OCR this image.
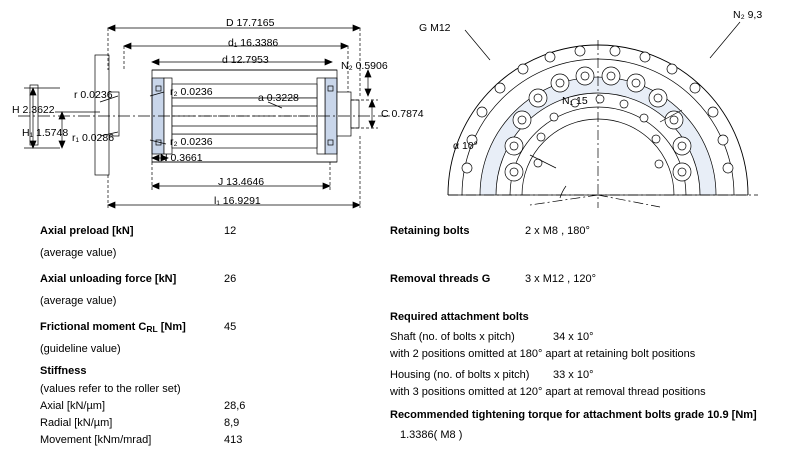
D 17.7165
d₁ 16.3386
d 12.7953	N₂ 0.5906
H 2.3622
H₁ 1.5748
r 0.0236
r₁ 0.0286
r₂ 0.0236
r₂ 0.0236
a 0.3228
C 0.7874
N 0.3661
J 13.4646
l₁ 16.9291
G M12
N₂ 9,3
N₁ 15
α 10°
Axial preload [kN]	12
(average value)
Axial unloading force [kN]	26
(average value)
Frictional moment $C_{RL}$ [Nm]	45
(guideline value)
Stiffness
(values refer to the roller set)
Axial [kN/µm]	28,6
Radial [kN/µm]	8,9
Movement [kNm/mrad]	413
Retaining bolts	2 x M8 , 180°
Removal threads G	3 x M12 , 120°
Required attachment bolts
Shaft (no. of bolts x pitch)	34 x 10°
with 2 positions omitted at 180° apart at retaining bolt positions
Housing (no. of bolts x pitch) 33 x 10°
with 3 positions omitted at 120° apart at removal thread positions
Recommended tightening torque for attachment bolts grade 10.9 [Nm]
1.3386( M8 )
